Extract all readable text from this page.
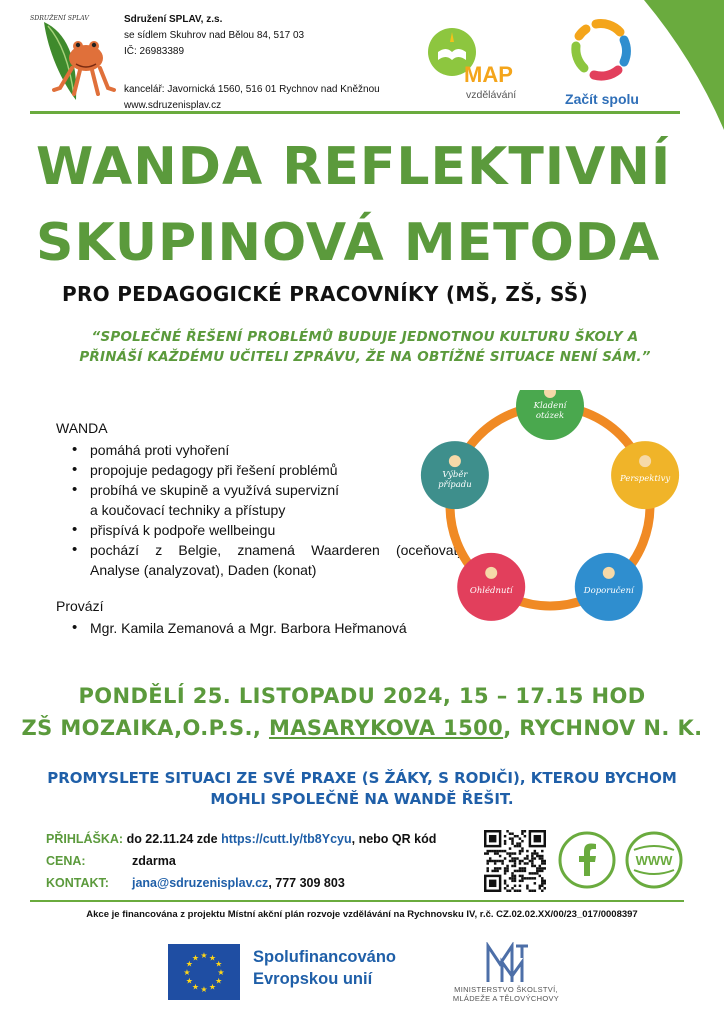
SDRUŽENÍ SPLAV	Sdružení SPLAV, z.s.
se sídlem Skuhrov nad Bělou 84, 517 03
IČ: 26983389
kancelář: Javornická 1560, 516 01 Rychnov nad Kněžnou
www.sdruzenisplav.cz
MAP
vzdělávání	Začít spolu
WANDA REFLEKTIVNÍ
SKUPINOVÁ METODA
PRO PEDAGOGICKÉ PRACOVNÍKY (MŠ, ZŠ, SŠ)
“SPOLEČNÉ ŘEŠENÍ PROBLÉMŮ BUDUJE JEDNOTNOU KULTURU ŠKOLY A
PŘINÁŠÍ KAŽDÉMU UČITELI ZPRÁVU, ŽE NA OBTÍŽNÉ SITUACE NENÍ SÁM.”
WANDA
• pomáhá proti vyhoření
• propojuje pedagogy při řešení problémů
• probíhá ve skupině a využívá supervizní
a koučovací techniky a přístupy
• přispívá k podpoře wellbeingu
• pochází z Belgie, znamená Waarderen (oceňovat),
Analyse (analyzovat), Daden (konat)
Provází
• Mgr. Kamila Zemanová a Mgr. Barbora Heřmanová
Kladení
otázek
Perspektivy
Doporučení
Ohlédnutí
Výběr
případu
PONDĚLÍ 25. LISTOPADU 2024, 15 – 17.15 HOD
ZŠ MOZAIKA,O.P.S., MASARYKOVA 1500, RYCHNOV N. K.
PROMYSLETE SITUACI ZE SVÉ PRAXE (S ŽÁKY, S RODIČI), KTEROU BYCHOM
MOHLI SPOLEČNĚ NA WANDĚ ŘEŠIT.
PŘIHLÁŠKA: do 22.11.24 zde https://cutt.ly/tb8Ycyu, nebo QR kód
CENA:	zdarma
KONTAKT: jana@sdruzenisplav.cz, 777 309 803
WWW
Akce je financována z projektu Místní akční plán rozvoje vzdělávání na Rychnovsku IV, r.č. CZ.02.02.XX/00/23_017/0008397
★
★
★
★
★
★
★
★
★ ★ ★
★ Spolufinancováno
Evropskou unií
MINISTERSTVO ŠKOLSTVÍ,
MLÁDEŽE A TĚLOVÝCHOVY
